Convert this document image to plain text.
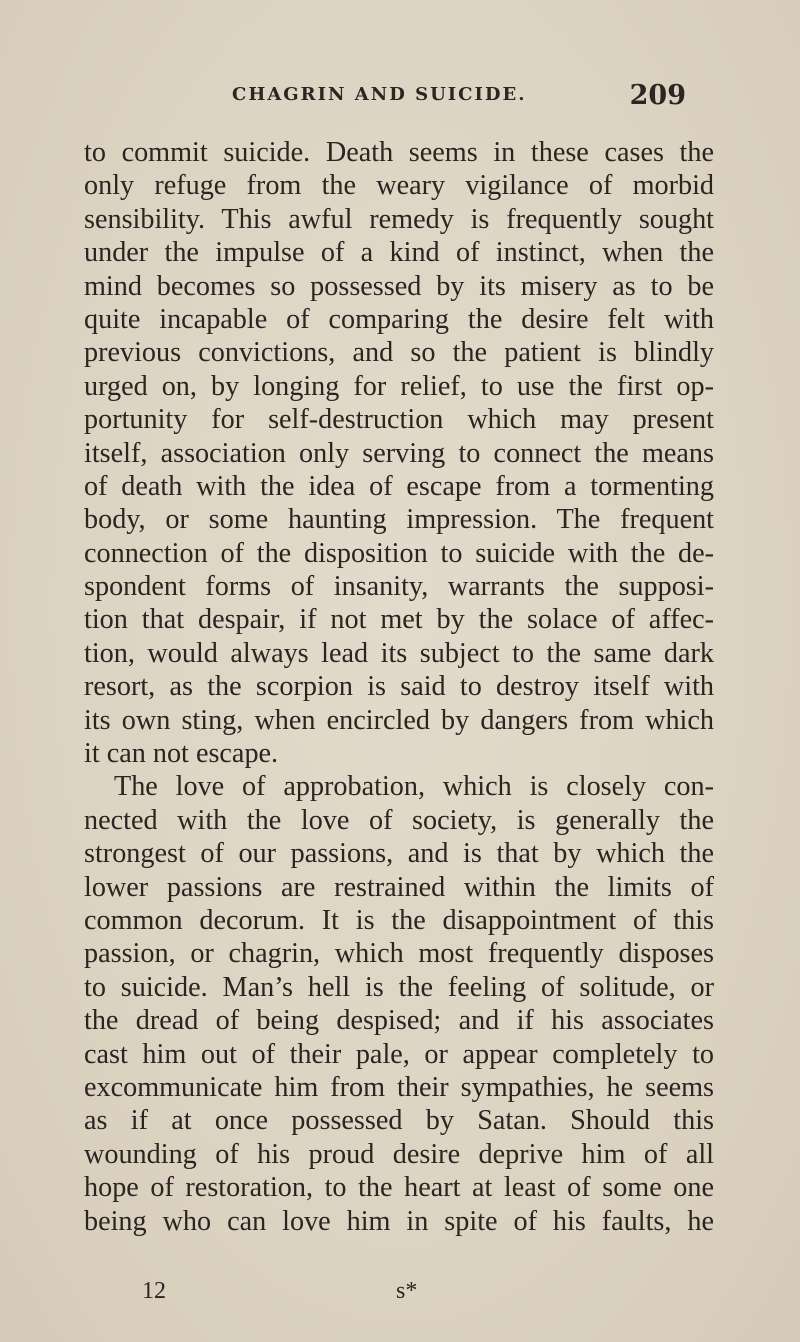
CHAGRIN AND SUICIDE.	209
to commit suicide. Death seems in these cases the
only refuge from the weary vigilance of morbid
sensibility. This awful remedy is frequently sought
under the impulse of a kind of instinct, when the
mind becomes so possessed by its misery as to be
quite incapable of comparing the desire felt with
previous convictions, and so the patient is blindly
urged on, by longing for relief, to use the first op-
portunity for self-destruction which may present
itself, association only serving to connect the means
of death with the idea of escape from a tormenting
body, or some haunting impression. The frequent
connection of the disposition to suicide with the de-
spondent forms of insanity, warrants the supposi-
tion that despair, if not met by the solace of affec-
tion, would always lead its subject to the same dark
resort, as the scorpion is said to destroy itself with
its own sting, when encircled by dangers from which
it can not escape.
The love of approbation, which is closely con-
nected with the love of society, is generally the
strongest of our passions, and is that by which the
lower passions are restrained within the limits of
common decorum. It is the disappointment of this
passion, or chagrin, which most frequently disposes
to suicide. Man’s hell is the feeling of solitude, or
the dread of being despised; and if his associates
cast him out of their pale, or appear completely to
excommunicate him from their sympathies, he seems
as if at once possessed by Satan. Should this
wounding of his proud desire deprive him of all
hope of restoration, to the heart at least of some one
being who can love him in spite of his faults, he
12	s*
